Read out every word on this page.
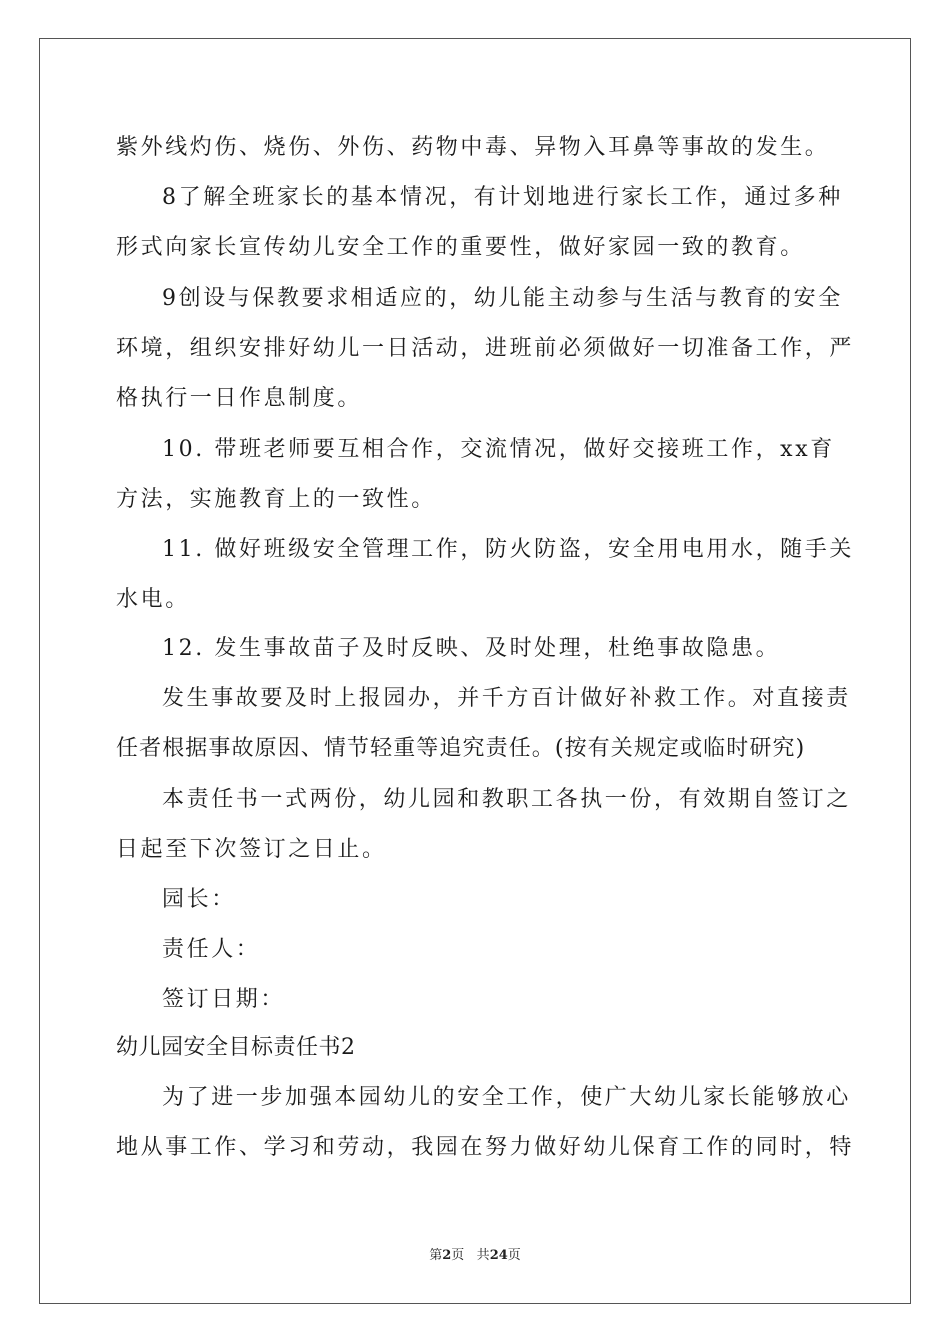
紫外线灼伤、烧伤、外伤、药物中毒、异物入耳鼻等事故的发生。
8了解全班家长的基本情况，有计划地进行家长工作，通过多种
形式向家长宣传幼儿安全工作的重要性，做好家园一致的教育。
9创设与保教要求相适应的，幼儿能主动参与生活与教育的安全
环境，组织安排好幼儿一日活动，进班前必须做好一切准备工作，严
格执行一日作息制度。
10. 带班老师要互相合作，交流情况，做好交接班工作，xx育
方法，实施教育上的一致性。
11. 做好班级安全管理工作，防火防盗，安全用电用水，随手关
水电。
12. 发生事故苗子及时反映、及时处理，杜绝事故隐患。
发生事故要及时上报园办，并千方百计做好补救工作。对直接责
任者根据事故原因、情节轻重等追究责任。(按有关规定或临时研究)
本责任书一式两份，幼儿园和教职工各执一份，有效期自签订之
日起至下次签订之日止。
园长：
责任人：
签订日期：
幼儿园安全目标责任书2
为了进一步加强本园幼儿的安全工作，使广大幼儿家长能够放心
地从事工作、学习和劳动，我园在努力做好幼儿保育工作的同时，特
第2页 共24页
